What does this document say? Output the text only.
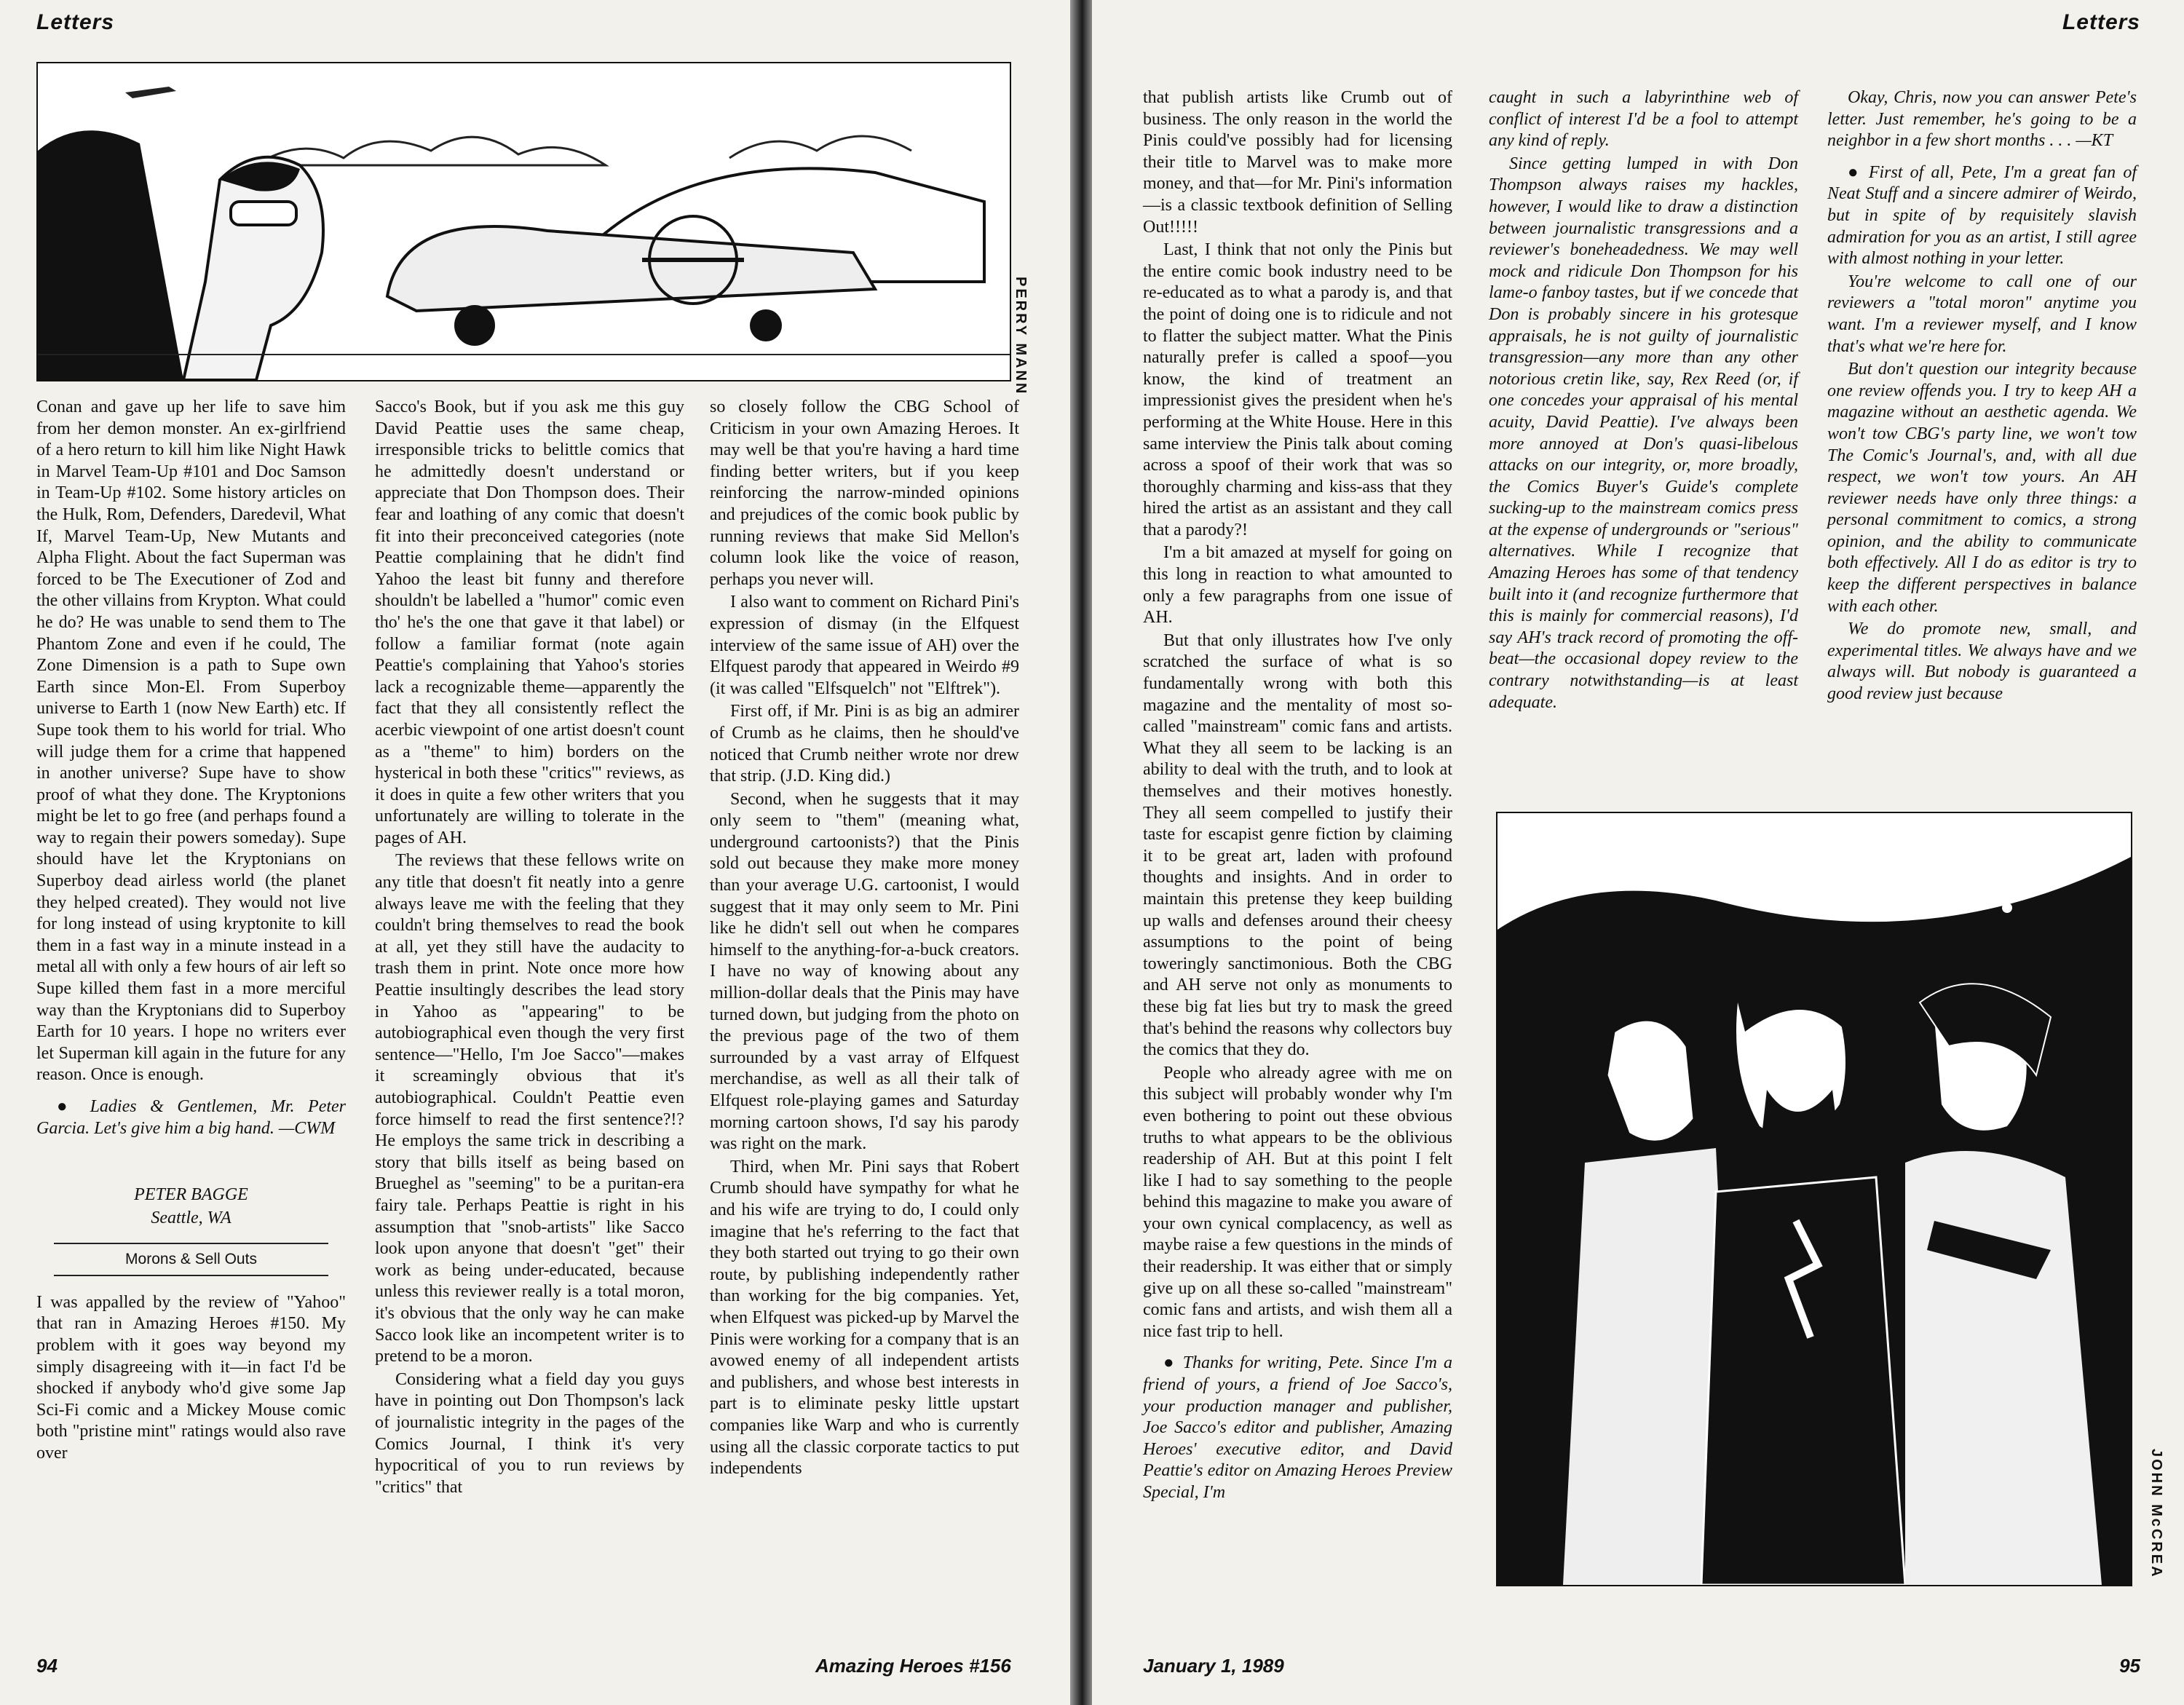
Letters
PERRY MANN

Conan and gave up her life to save him from her demon monster. An ex-girlfriend of a hero return to kill him like Night Hawk in Marvel Team-Up #101 and Doc Samson in Team-Up #102. Some history articles on the Hulk, Rom, Defenders, Daredevil, What If, Marvel Team-Up, New Mutants and Alpha Flight. About the fact Superman was forced to be The Executioner of Zod and the other villains from Krypton. What could he do? He was unable to send them to The Phantom Zone and even if he could, The Zone Dimension is a path to Supe own Earth since Mon-El. From Superboy universe to Earth 1 (now New Earth) etc. If Supe took them to his world for trial. Who will judge them for a crime that happened in another universe? Supe have to show proof of what they done. The Kryptonions might be let to go free (and perhaps found a way to regain their powers someday). Supe should have let the Kryptonians on Superboy dead airless world (the planet they helped created). They would not live for long instead of using kryptonite to kill them in a fast way in a minute instead in a metal all with only a few hours of air left so Supe killed them fast in a more merciful way than the Kryptonians did to Superboy Earth for 10 years. I hope no writers ever let Superman kill again in the future for any reason. Once is enough.

● Ladies & Gentlemen, Mr. Peter Garcia. Let's give him a big hand. —CWM

PETER BAGGE
Seattle, WA
Morons & Sell Outs

I was appalled by the review of "Yahoo" that ran in Amazing Heroes #150. My problem with it goes way beyond my simply disagreeing with it—in fact I'd be shocked if anybody who'd give some Jap Sci-Fi comic and a Mickey Mouse comic both "pristine mint" ratings would also rave over

Sacco's Book, but if you ask me this guy David Peattie uses the same cheap, irresponsible tricks to belittle comics that he admittedly doesn't understand or appreciate that Don Thompson does. Their fear and loathing of any comic that doesn't fit into their preconceived categories (note Peattie complaining that he didn't find Yahoo the least bit funny and therefore shouldn't be labelled a "humor" comic even tho' he's the one that gave it that label) or follow a familiar format (note again Peattie's complaining that Yahoo's stories lack a recognizable theme—apparently the fact that they all consistently reflect the acerbic viewpoint of one artist doesn't count as a "theme" to him) borders on the hysterical in both these "critics'" reviews, as it does in quite a few other writers that you unfortunately are willing to tolerate in the pages of AH.

The reviews that these fellows write on any title that doesn't fit neatly into a genre always leave me with the feeling that they couldn't bring themselves to read the book at all, yet they still have the audacity to trash them in print. Note once more how Peattie insultingly describes the lead story in Yahoo as "appearing" to be autobiographical even though the very first sentence—"Hello, I'm Joe Sacco"—makes it screamingly obvious that it's autobiographical. Couldn't Peattie even force himself to read the first sentence?!? He employs the same trick in describing a story that bills itself as being based on Brueghel as "seeming" to be a puritan-era fairy tale. Perhaps Peattie is right in his assumption that "snob-artists" like Sacco look upon anyone that doesn't "get" their work as being under-educated, because unless this reviewer really is a total moron, it's obvious that the only way he can make Sacco look like an incompetent writer is to pretend to be a moron.

Considering what a field day you guys have in pointing out Don Thompson's lack of journalistic integrity in the pages of the Comics Journal, I think it's very hypocritical of you to run reviews by "critics" that

so closely follow the CBG School of Criticism in your own Amazing Heroes. It may well be that you're having a hard time finding better writers, but if you keep reinforcing the narrow-minded opinions and prejudices of the comic book public by running reviews that make Sid Mellon's column look like the voice of reason, perhaps you never will.

I also want to comment on Richard Pini's expression of dismay (in the Elfquest interview of the same issue of AH) over the Elfquest parody that appeared in Weirdo #9 (it was called "Elfsquelch" not "Elftrek").

First off, if Mr. Pini is as big an admirer of Crumb as he claims, then he should've noticed that Crumb neither wrote nor drew that strip. (J.D. King did.)

Second, when he suggests that it may only seem to "them" (meaning what, underground cartoonists?) that the Pinis sold out because they make more money than your average U.G. cartoonist, I would suggest that it may only seem to Mr. Pini like he didn't sell out when he compares himself to the anything-for-a-buck creators. I have no way of knowing about any million-dollar deals that the Pinis may have turned down, but judging from the photo on the previous page of the two of them surrounded by a vast array of Elfquest merchandise, as well as all their talk of Elfquest role-playing games and Saturday morning cartoon shows, I'd say his parody was right on the mark.

Third, when Mr. Pini says that Robert Crumb should have sympathy for what he and his wife are trying to do, I could only imagine that he's referring to the fact that they both started out trying to go their own route, by publishing independently rather than working for the big companies. Yet, when Elfquest was picked-up by Marvel the Pinis were working for a company that is an avowed enemy of all independent artists and publishers, and whose best interests in part is to eliminate pesky little upstart companies like Warp and who is currently using all the classic corporate tactics to put independents

94	Amazing Heroes #156
Letters

that publish artists like Crumb out of business. The only reason in the world the Pinis could've possibly had for licensing their title to Marvel was to make more money, and that—for Mr. Pini's information—is a classic textbook definition of Selling Out!!!!!

Last, I think that not only the Pinis but the entire comic book industry need to be re-educated as to what a parody is, and that the point of doing one is to ridicule and not to flatter the subject matter. What the Pinis naturally prefer is called a spoof—you know, the kind of treatment an impressionist gives the president when he's performing at the White House. Here in this same interview the Pinis talk about coming across a spoof of their work that was so thoroughly charming and kiss-ass that they hired the artist as an assistant and they call that a parody?!

I'm a bit amazed at myself for going on this long in reaction to what amounted to only a few paragraphs from one issue of AH.

But that only illustrates how I've only scratched the surface of what is so fundamentally wrong with both this magazine and the mentality of most so-called "mainstream" comic fans and artists. What they all seem to be lacking is an ability to deal with the truth, and to look at themselves and their motives honestly. They all seem compelled to justify their taste for escapist genre fiction by claiming it to be great art, laden with profound thoughts and insights. And in order to maintain this pretense they keep building up walls and defenses around their cheesy assumptions to the point of being toweringly sanctimonious. Both the CBG and AH serve not only as monuments to these big fat lies but try to mask the greed that's behind the reasons why collectors buy the comics that they do.

People who already agree with me on this subject will probably wonder why I'm even bothering to point out these obvious truths to what appears to be the oblivious readership of AH. But at this point I felt like I had to say something to the people behind this magazine to make you aware of your own cynical complacency, as well as maybe raise a few questions in the minds of their readership. It was either that or simply give up on all these so-called "mainstream" comic fans and artists, and wish them all a nice fast trip to hell.

● Thanks for writing, Pete. Since I'm a friend of yours, a friend of Joe Sacco's, your production manager and publisher, Joe Sacco's editor and publisher, Amazing Heroes' executive editor, and David Peattie's editor on Amazing Heroes Preview Special, I'm

caught in such a labyrinthine web of conflict of interest I'd be a fool to attempt any kind of reply.

Since getting lumped in with Don Thompson always raises my hackles, however, I would like to draw a distinction between journalistic transgressions and a reviewer's boneheadedness. We may well mock and ridicule Don Thompson for his lame-o fanboy tastes, but if we concede that Don is probably sincere in his grotesque appraisals, he is not guilty of journalistic transgression—any more than any other notorious cretin like, say, Rex Reed (or, if one concedes your appraisal of his mental acuity, David Peattie). I've always been more annoyed at Don's quasi-libelous attacks on our integrity, or, more broadly, the Comics Buyer's Guide's complete sucking-up to the mainstream comics press at the expense of undergrounds or "serious" alternatives. While I recognize that Amazing Heroes has some of that tendency built into it (and recognize furthermore that this is mainly for commercial reasons), I'd say AH's track record of promoting the off-beat—the occasional dopey review to the contrary notwithstanding—is at least adequate.

Okay, Chris, now you can answer Pete's letter. Just remember, he's going to be a neighbor in a few short months . . . —KT

● First of all, Pete, I'm a great fan of Neat Stuff and a sincere admirer of Weirdo, but in spite of by requisitely slavish admiration for you as an artist, I still agree with almost nothing in your letter.

You're welcome to call one of our reviewers a "total moron" anytime you want. I'm a reviewer myself, and I know that's what we're here for.

But don't question our integrity because one review offends you. I try to keep AH a magazine without an aesthetic agenda. We won't tow CBG's party line, we won't tow The Comic's Journal's, and, with all due respect, we won't tow yours. An AH reviewer needs have only three things: a personal commitment to comics, a strong opinion, and the ability to communicate both effectively. All I do as editor is try to keep the different perspectives in balance with each other.

We do promote new, small, and experimental titles. We always have and we always will. But nobody is guaranteed a good review just because

JOHN McCREA
January 1, 1989	95
